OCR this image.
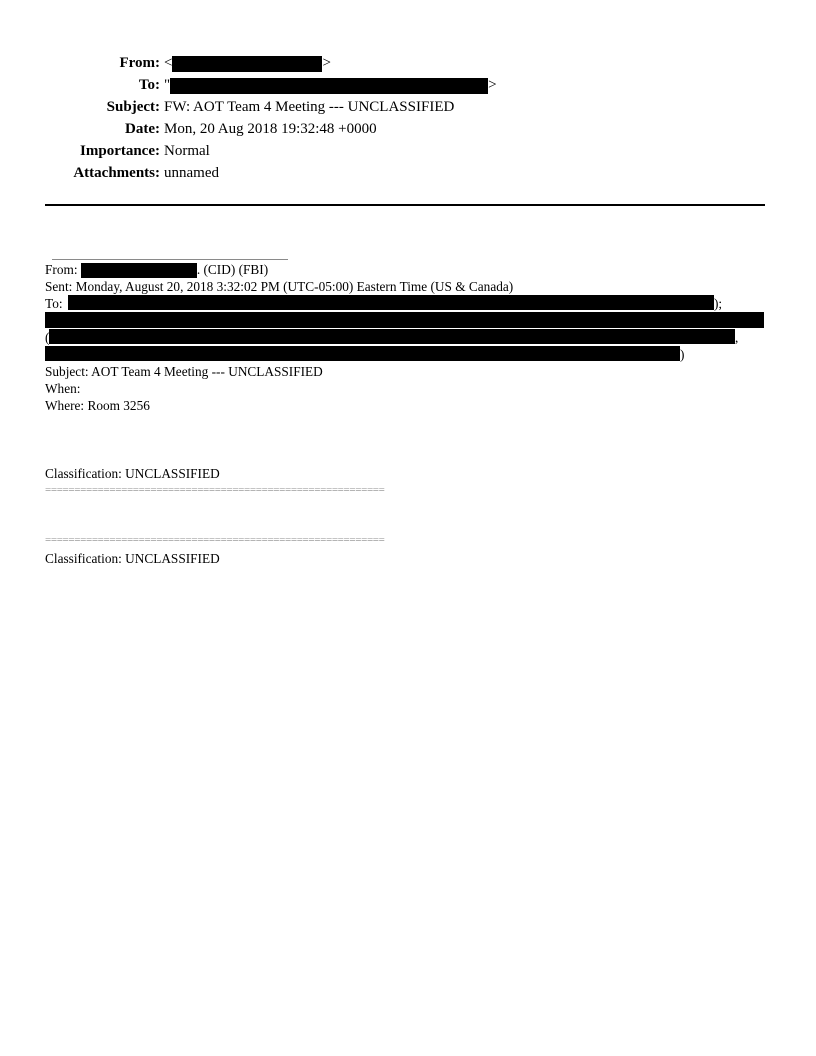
From: <	>
To: "	>
Subject: FW: AOT Team 4 Meeting --- UNCLASSIFIED
Date: Mon, 20 Aug 2018 19:32:48 +0000
Importance: Normal
Attachments: unnamed
From:	. (CID) (FBI)
Sent: Monday, August 20, 2018 3:32:02 PM (UTC-05:00) Eastern Time (US & Canada)
To:	);
(	,
)
Subject: AOT Team 4 Meeting --- UNCLASSIFIED
When:
Where: Room 3256
Classification: UNCLASSIFIED
==========================================================
==========================================================
Classification: UNCLASSIFIED
